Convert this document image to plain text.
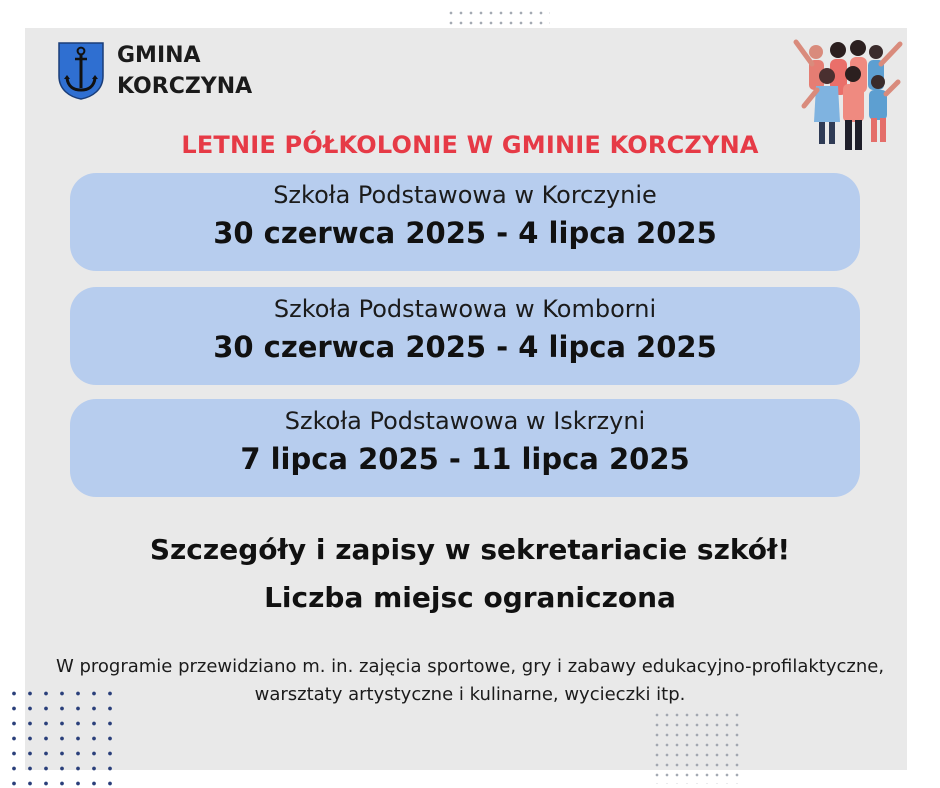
GMINA
KORCZYNA
LETNIE PÓŁKOLONIE W GMINIE KORCZYNA
Szkoła Podstawowa w Korczynie
30 czerwca 2025 - 4 lipca 2025
Szkoła Podstawowa w Komborni
30 czerwca 2025 - 4 lipca 2025
Szkoła Podstawowa w Iskrzyni
7 lipca 2025 - 11 lipca 2025
Szczegóły i zapisy w sekretariacie szkół!
Liczba miejsc ograniczona
W programie przewidziano m. in. zajęcia sportowe, gry i zabawy edukacyjno-profilaktyczne, warsztaty artystyczne i kulinarne, wycieczki itp.
